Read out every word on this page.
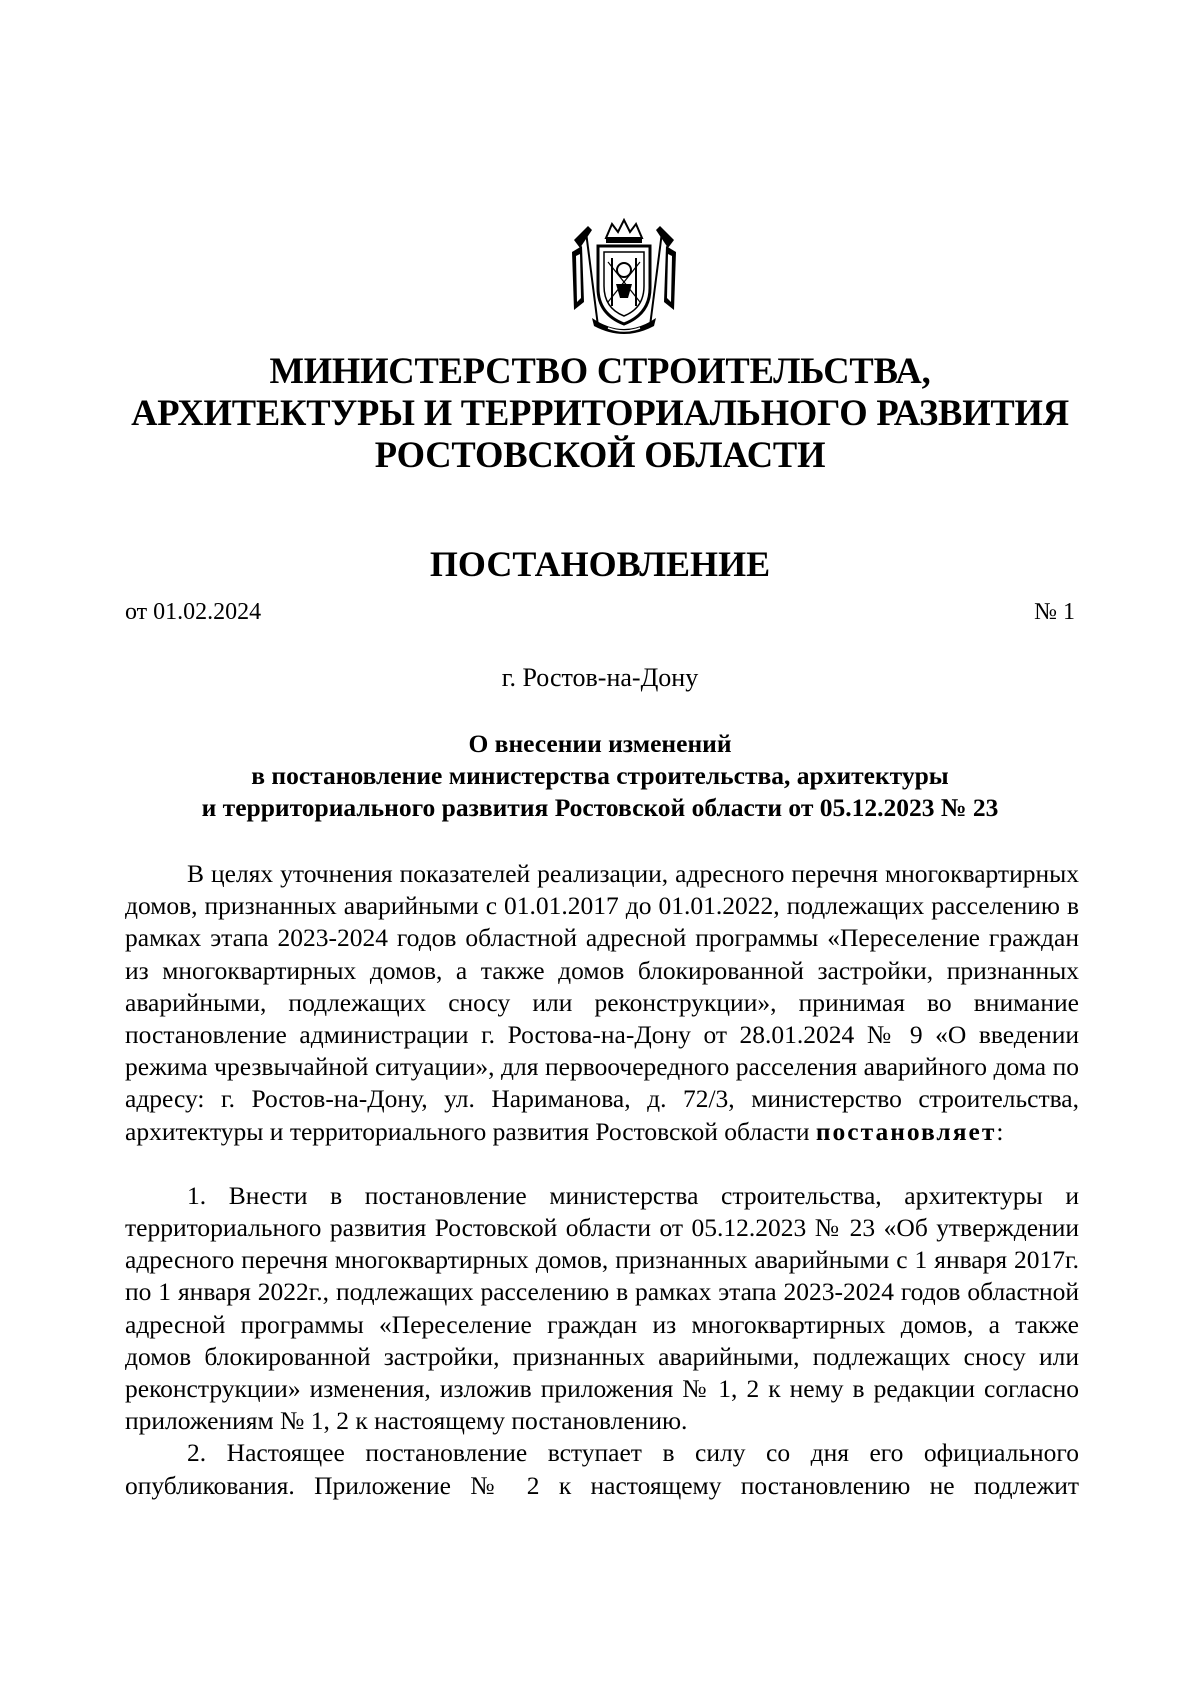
МИНИСТЕРСТВО СТРОИТЕЛЬСТВА,
АРХИТЕКТУРЫ И ТЕРРИТОРИАЛЬНОГО РАЗВИТИЯ
РОСТОВСКОЙ ОБЛАСТИ
ПОСТАНОВЛЕНИЕ
от 01.02.2024	№ 1
г. Ростов-на-Дону
О внесении изменений
в постановление министерства строительства, архитектуры
и территориального развития Ростовской области от 05.12.2023 № 23

В целях уточнения показателей реализации, адресного перечня многоквартирных домов, признанных аварийными с 01.01.2017 до 01.01.2022, подлежащих расселению в рамках этапа 2023-2024 годов областной адресной программы «Переселение граждан из многоквартирных домов, а также домов блокированной застройки, признанных аварийными, подлежащих сносу или реконструкции», принимая во внимание постановление администрации г. Ростова-на-Дону от 28.01.2024 № 9 «О введении режима чрезвычайной ситуации», для первоочередного расселения аварийного дома по адресу: г. Ростов-на-Дону, ул. Нариманова, д. 72/3, министерство строительства, архитектуры и территориального развития Ростовской области постановляет:

1. Внести в постановление министерства строительства, архитектуры и территориального развития Ростовской области от 05.12.2023 № 23 «Об утверждении адресного перечня многоквартирных домов, признанных аварийными с 1 января 2017г. по 1 января 2022г., подлежащих расселению в рамках этапа 2023-2024 годов областной адресной программы «Переселение граждан из многоквартирных домов, а также домов блокированной застройки, признанных аварийными, подлежащих сносу или реконструкции» изменения, изложив приложения № 1, 2 к нему в редакции согласно приложениям № 1, 2 к настоящему постановлению.

2. Настоящее постановление вступает в силу со дня его официального опубликования. Приложение № 2 к настоящему постановлению не подлежит
